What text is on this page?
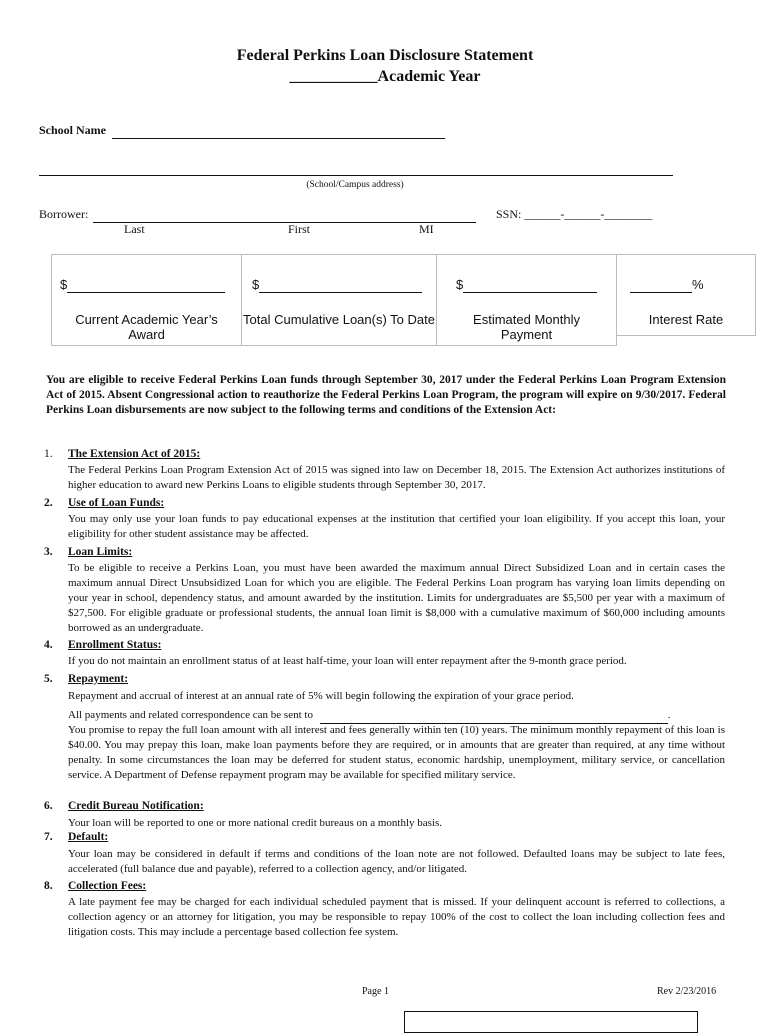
Federal Perkins Loan Disclosure Statement
___________Academic Year
School Name
(School/Campus address)
Borrower:	SSN: ______-______-________
Last	First	MI
$
Current Academic Year’s Award
$
Total Cumulative Loan(s) To Date
$
Estimated Monthly Payment
%
Interest Rate
You are eligible to receive Federal Perkins Loan funds through September 30, 2017 under the Federal Perkins Loan Program Extension Act of 2015. Absent Congressional action to reauthorize the Federal Perkins Loan Program, the program will expire on 9/30/2017. Federal Perkins Loan disbursements are now subject to the following terms and conditions of the Extension Act:
1. The Extension Act of 2015:
The Federal Perkins Loan Program Extension Act of 2015 was signed into law on December 18, 2015. The Extension Act authorizes institutions of higher education to award new Perkins Loans to eligible students through September 30, 2017.
2. Use of Loan Funds:
You may only use your loan funds to pay educational expenses at the institution that certified your loan eligibility. If you accept this loan, your eligibility for other student assistance may be affected.
3. Loan Limits:
To be eligible to receive a Perkins Loan, you must have been awarded the maximum annual Direct Subsidized Loan and in certain cases the maximum annual Direct Unsubsidized Loan for which you are eligible. The Federal Perkins Loan program has varying loan limits depending on your year in school, dependency status, and amount awarded by the institution. Limits for undergraduates are $5,500 per year with a maximum of $27,500. For eligible graduate or professional students, the annual loan limit is $8,000 with a cumulative maximum of $60,000 including amounts borrowed as an undergraduate.
4. Enrollment Status:
If you do not maintain an enrollment status of at least half-time, your loan will enter repayment after the 9-month grace period.
5. Repayment:
Repayment and accrual of interest at an annual rate of 5% will begin following the expiration of your grace period.
All payments and related correspondence can be sent to	.
You promise to repay the full loan amount with all interest and fees generally within ten (10) years. The minimum monthly repayment of this loan is $40.00. You may prepay this loan, make loan payments before they are required, or in amounts that are greater than required, at any time without penalty. In some circumstances the loan may be deferred for student status, economic hardship, unemployment, military service, or cancellation service. A Department of Defense repayment program may be available for specified military service.
6. Credit Bureau Notification:
Your loan will be reported to one or more national credit bureaus on a monthly basis.
7. Default:
Your loan may be considered in default if terms and conditions of the loan note are not followed. Defaulted loans may be subject to late fees, accelerated (full balance due and payable), referred to a collection agency, and/or litigated.
8. Collection Fees:
A late payment fee may be charged for each individual scheduled payment that is missed. If your delinquent account is referred to collections, a collection agency or an attorney for litigation, you may be responsible to repay 100% of the cost to collect the loan including collection fees and litigation costs. This may include a percentage based collection fee system.
Page 1	Rev 2/23/2016
